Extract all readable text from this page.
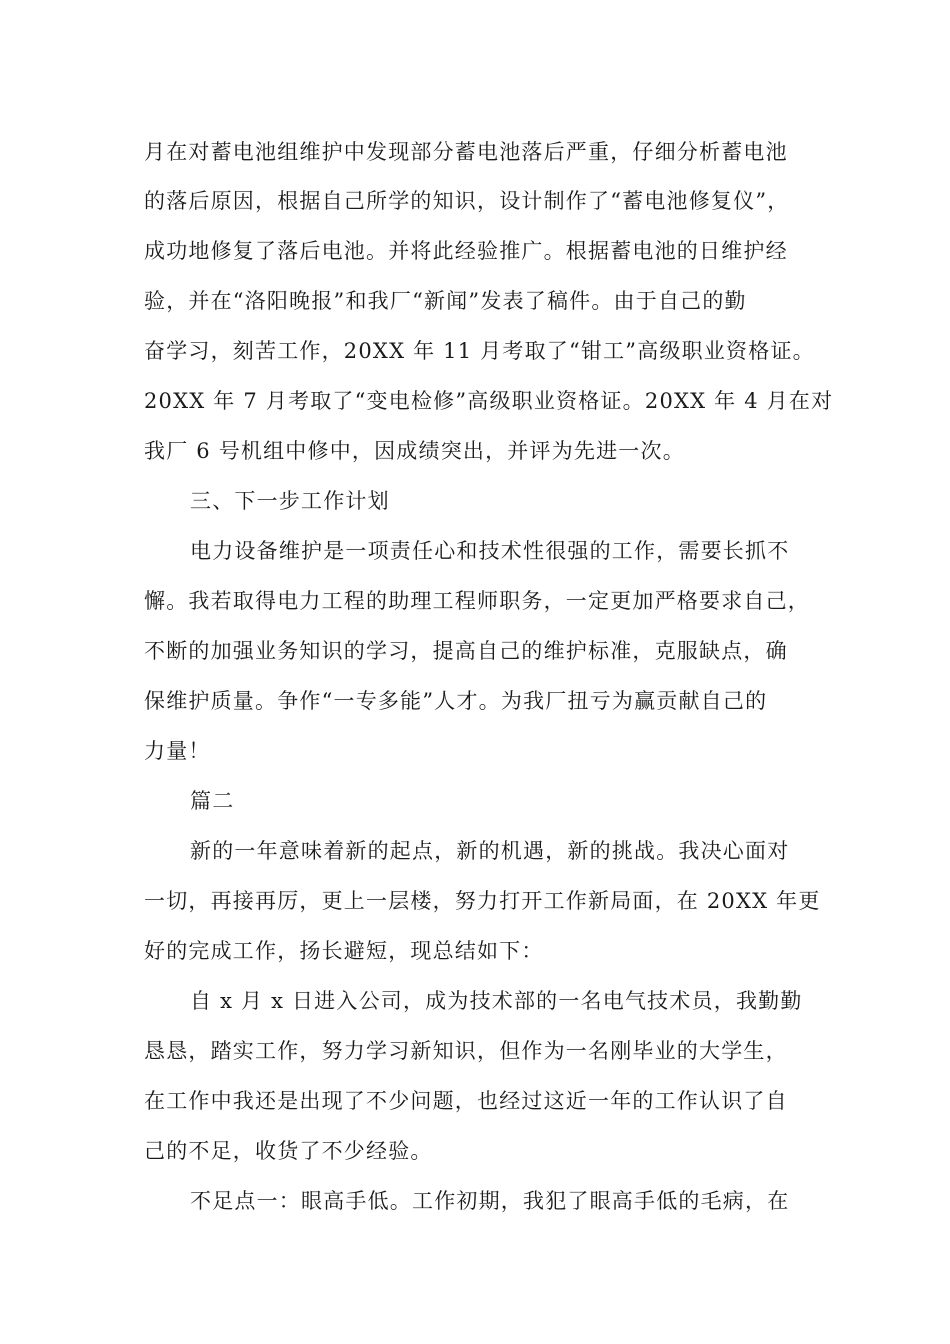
月在对蓄电池组维护中发现部分蓄电池落后严重，仔细分析蓄电池
的落后原因，根据自己所学的知识，设计制作了“蓄电池修复仪”，
成功地修复了落后电池。并将此经验推广。根据蓄电池的日维护经
验，并在“洛阳晚报”和我厂“新闻”发表了稿件。由于自己的勤
奋学习，刻苦工作，20XX 年 11 月考取了“钳工”高级职业资格证。
20XX 年 7 月考取了“变电检修”高级职业资格证。20XX 年 4 月在对
我厂 6 号机组中修中，因成绩突出，并评为先进一次。
三、下一步工作计划
电力设备维护是一项责任心和技术性很强的工作，需要长抓不
懈。我若取得电力工程的助理工程师职务，一定更加严格要求自己，
不断的加强业务知识的学习，提高自己的维护标准，克服缺点，确
保维护质量。争作“一专多能”人才。为我厂扭亏为赢贡献自己的
力量！
篇二
新的一年意味着新的起点，新的机遇，新的挑战。我决心面对
一切，再接再厉，更上一层楼，努力打开工作新局面，在 20XX 年更
好的完成工作，扬长避短，现总结如下：
自 x 月 x 日进入公司，成为技术部的一名电气技术员，我勤勤
恳恳，踏实工作，努力学习新知识，但作为一名刚毕业的大学生，
在工作中我还是出现了不少问题，也经过这近一年的工作认识了自
己的不足，收货了不少经验。
不足点一：眼高手低。工作初期，我犯了眼高手低的毛病，在
